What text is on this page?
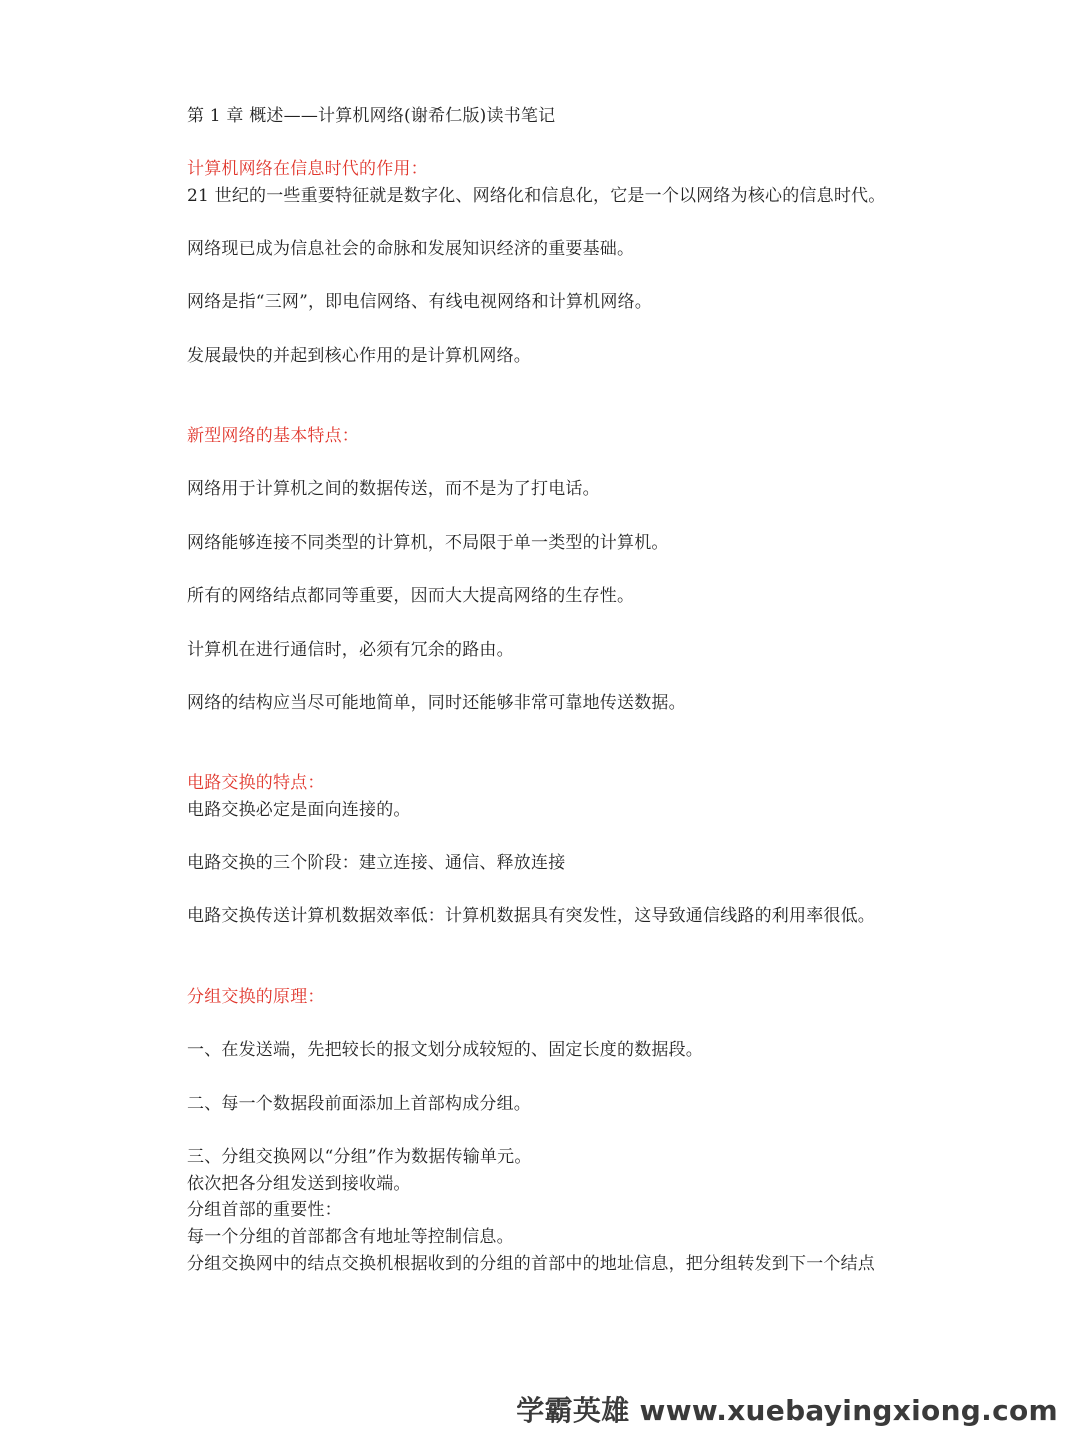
第 1 章 概述——计算机网络(谢希仁版)读书笔记
计算机网络在信息时代的作用：
21 世纪的一些重要特征就是数字化、网络化和信息化，它是一个以网络为核心的信息时代。
网络现已成为信息社会的命脉和发展知识经济的重要基础。
网络是指“三网”，即电信网络、有线电视网络和计算机网络。
发展最快的并起到核心作用的是计算机网络。
新型网络的基本特点：
网络用于计算机之间的数据传送，而不是为了打电话。
网络能够连接不同类型的计算机，不局限于单一类型的计算机。
所有的网络结点都同等重要，因而大大提高网络的生存性。
计算机在进行通信时，必须有冗余的路由。
网络的结构应当尽可能地简单，同时还能够非常可靠地传送数据。
电路交换的特点：
电路交换必定是面向连接的。
电路交换的三个阶段：建立连接、通信、释放连接
电路交换传送计算机数据效率低：计算机数据具有突发性，这导致通信线路的利用率很低。
分组交换的原理：
一、在发送端，先把较长的报文划分成较短的、固定长度的数据段。
二、每一个数据段前面添加上首部构成分组。
三、分组交换网以“分组”作为数据传输单元。
依次把各分组发送到接收端。
分组首部的重要性：
每一个分组的首部都含有地址等控制信息。
分组交换网中的结点交换机根据收到的分组的首部中的地址信息，把分组转发到下一个结点
学霸英雄 www.xuebayingxiong.com
